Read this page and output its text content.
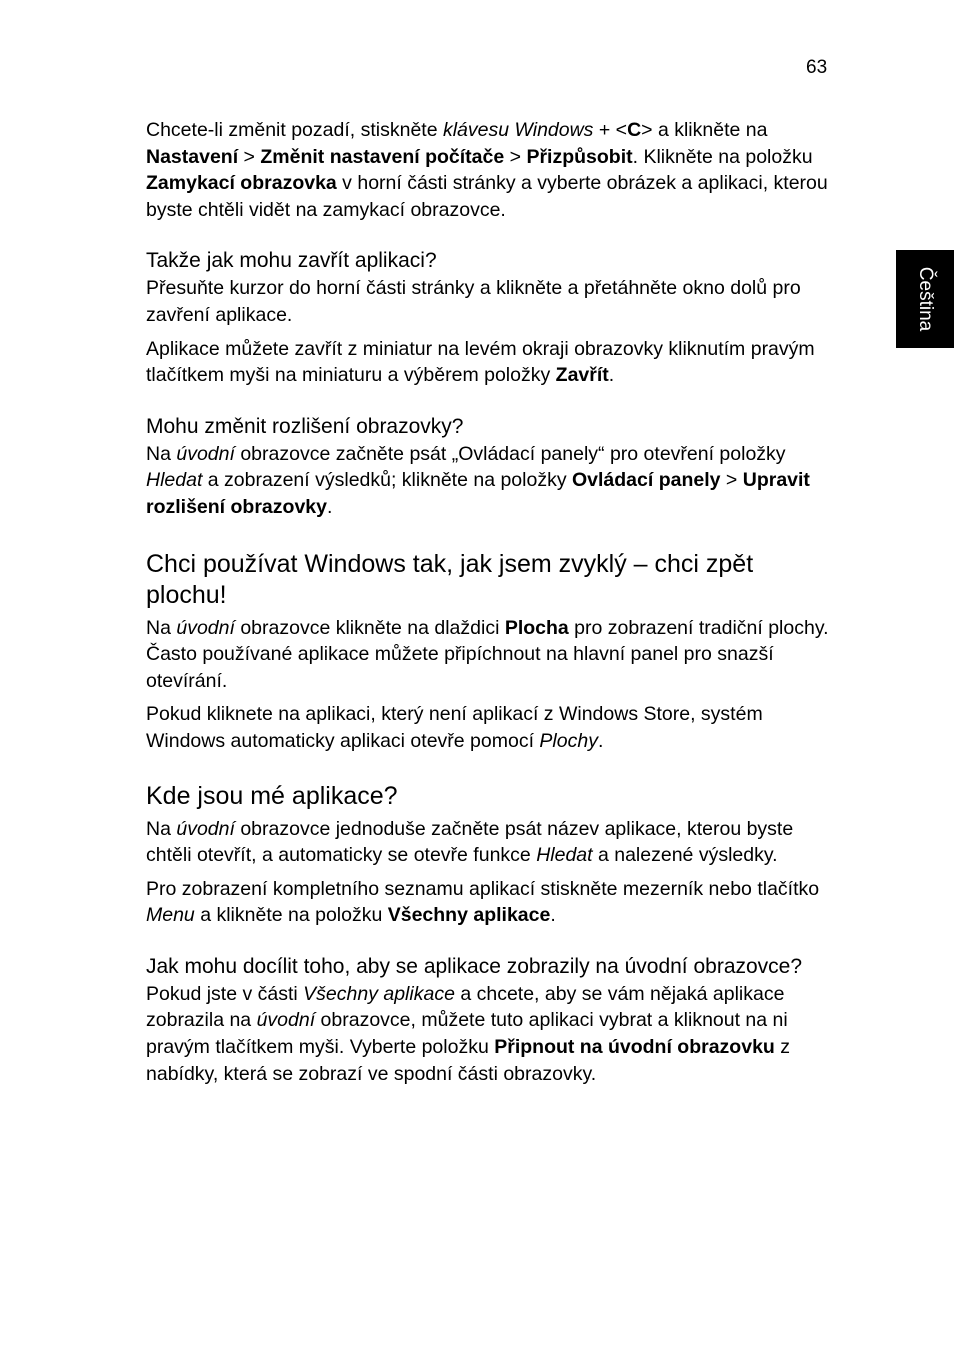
63
Čeština

Chcete-li změnit pozadí, stiskněte klávesu Windows + <C> a klikněte na Nastavení > Změnit nastavení počítače > Přizpůsobit. Klikněte na položku Zamykací obrazovka v horní části stránky a vyberte obrázek a aplikaci, kterou byste chtěli vidět na zamykací obrazovce.

Takže jak mohu zavřít aplikaci?

Přesuňte kurzor do horní části stránky a klikněte a přetáhněte okno dolů pro zavření aplikace.

Aplikace můžete zavřít z miniatur na levém okraji obrazovky kliknutím pravým tlačítkem myši na miniaturu a výběrem položky Zavřít.

Mohu změnit rozlišení obrazovky?

Na úvodní obrazovce začněte psát „Ovládací panely“ pro otevření položky Hledat a zobrazení výsledků; klikněte na položky Ovládací panely > Upravit rozlišení obrazovky.

Chci používat Windows tak, jak jsem zvyklý – chci zpět plochu!

Na úvodní obrazovce klikněte na dlaždici Plocha pro zobrazení tradiční plochy. Často používané aplikace můžete připíchnout na hlavní panel pro snazší otevírání.

Pokud kliknete na aplikaci, který není aplikací z Windows Store, systém Windows automaticky aplikaci otevře pomocí Plochy.

Kde jsou mé aplikace?

Na úvodní obrazovce jednoduše začněte psát název aplikace, kterou byste chtěli otevřít, a automaticky se otevře funkce Hledat a nalezené výsledky.

Pro zobrazení kompletního seznamu aplikací stiskněte mezerník nebo tlačítko Menu a klikněte na položku Všechny aplikace.

Jak mohu docílit toho, aby se aplikace zobrazily na úvodní obrazovce?

Pokud jste v části Všechny aplikace a chcete, aby se vám nějaká aplikace zobrazila na úvodní obrazovce, můžete tuto aplikaci vybrat a kliknout na ni pravým tlačítkem myši. Vyberte položku Připnout na úvodní obrazovku z nabídky, která se zobrazí ve spodní části obrazovky.
